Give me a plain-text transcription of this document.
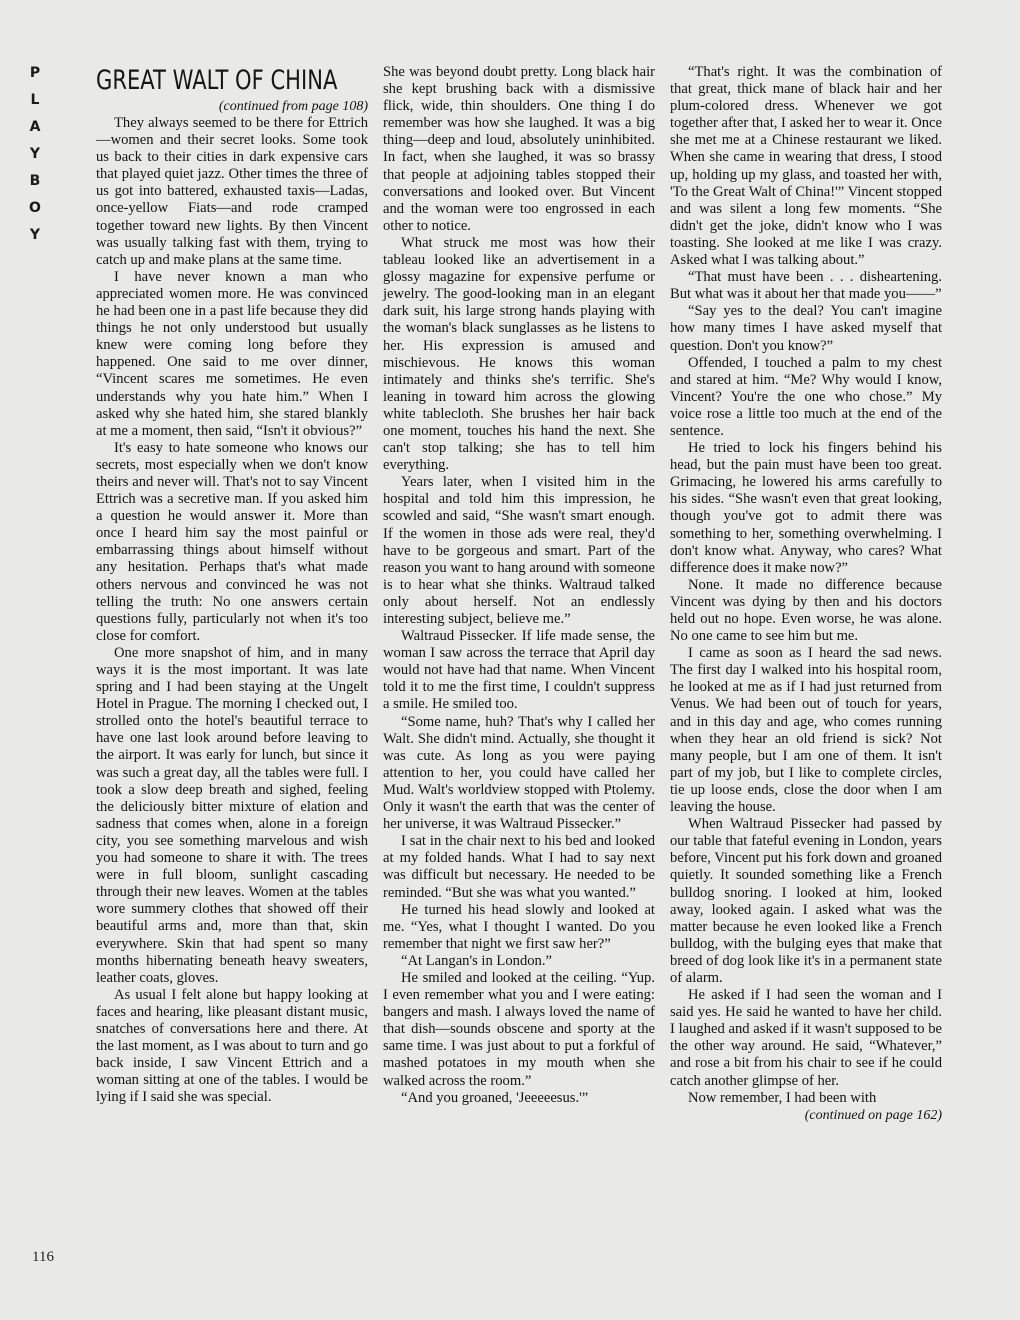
P
L
A
Y
B
O
Y
GREAT WALT OF CHINA

(continued from page 108)

They always seemed to be there for Ettrich—women and their secret looks. Some took us back to their cities in dark expensive cars that played quiet jazz. Other times the three of us got into battered, exhausted taxis—Ladas, once-yellow Fiats—and rode cramped together toward new lights. By then Vincent was usually talking fast with them, trying to catch up and make plans at the same time.

I have never known a man who appreciated women more. He was convinced he had been one in a past life because they did things he not only understood but usually knew were coming long before they happened. One said to me over dinner, “Vincent scares me sometimes. He even understands why you hate him.” When I asked why she hated him, she stared blankly at me a moment, then said, “Isn't it obvious?”

It's easy to hate someone who knows our secrets, most especially when we don't know theirs and never will. That's not to say Vincent Ettrich was a secretive man. If you asked him a question he would answer it. More than once I heard him say the most painful or embarrassing things about himself without any hesitation. Perhaps that's what made others nervous and convinced he was not telling the truth: No one answers certain questions fully, particularly not when it's too close for comfort.

One more snapshot of him, and in many ways it is the most important. It was late spring and I had been staying at the Ungelt Hotel in Prague. The morning I checked out, I strolled onto the hotel's beautiful terrace to have one last look around before leaving to the airport. It was early for lunch, but since it was such a great day, all the tables were full. I took a slow deep breath and sighed, feeling the deliciously bitter mixture of elation and sadness that comes when, alone in a foreign city, you see something marvelous and wish you had someone to share it with. The trees were in full bloom, sunlight cascading through their new leaves. Women at the tables wore summery clothes that showed off their beautiful arms and, more than that, skin everywhere. Skin that had spent so many months hibernating beneath heavy sweaters, leather coats, gloves.

As usual I felt alone but happy looking at faces and hearing, like pleasant distant music, snatches of conversations here and there. At the last moment, as I was about to turn and go back inside, I saw Vincent Ettrich and a woman sitting at one of the tables. I would be lying if I said she was special.

She was beyond doubt pretty. Long black hair she kept brushing back with a dismissive flick, wide, thin shoulders. One thing I do remember was how she laughed. It was a big thing—deep and loud, absolutely uninhibited. In fact, when she laughed, it was so brassy that people at adjoining tables stopped their conversations and looked over. But Vincent and the woman were too engrossed in each other to notice.

What struck me most was how their tableau looked like an advertisement in a glossy magazine for expensive perfume or jewelry. The good-looking man in an elegant dark suit, his large strong hands playing with the woman's black sunglasses as he listens to her. His expression is amused and mischievous. He knows this woman intimately and thinks she's terrific. She's leaning in toward him across the glowing white tablecloth. She brushes her hair back one moment, touches his hand the next. She can't stop talking; she has to tell him everything.

Years later, when I visited him in the hospital and told him this impression, he scowled and said, “She wasn't smart enough. If the women in those ads were real, they'd have to be gorgeous and smart. Part of the reason you want to hang around with someone is to hear what she thinks. Waltraud talked only about herself. Not an endlessly interesting subject, believe me.”

Waltraud Pissecker. If life made sense, the woman I saw across the terrace that April day would not have had that name. When Vincent told it to me the first time, I couldn't suppress a smile. He smiled too.

“Some name, huh? That's why I called her Walt. She didn't mind. Actually, she thought it was cute. As long as you were paying attention to her, you could have called her Mud. Walt's worldview stopped with Ptolemy. Only it wasn't the earth that was the center of her universe, it was Waltraud Pissecker.”

I sat in the chair next to his bed and looked at my folded hands. What I had to say next was difficult but necessary. He needed to be reminded. “But she was what you wanted.”

He turned his head slowly and looked at me. “Yes, what I thought I wanted. Do you remember that night we first saw her?”

“At Langan's in London.”

He smiled and looked at the ceiling. “Yup. I even remember what you and I were eating: bangers and mash. I always loved the name of that dish—sounds obscene and sporty at the same time. I was just about to put a forkful of mashed potatoes in my mouth when she walked across the room.”

“And you groaned, 'Jeeeeesus.'”

“That's right. It was the combination of that great, thick mane of black hair and her plum-colored dress. Whenever we got together after that, I asked her to wear it. Once she met me at a Chinese restaurant we liked. When she came in wearing that dress, I stood up, holding up my glass, and toasted her with, 'To the Great Walt of China!'” Vincent stopped and was silent a long few moments. “She didn't get the joke, didn't know who I was toasting. She looked at me like I was crazy. Asked what I was talking about.”

“That must have been . . . disheartening. But what was it about her that made you——”

“Say yes to the deal? You can't imagine how many times I have asked myself that question. Don't you know?”

Offended, I touched a palm to my chest and stared at him. “Me? Why would I know, Vincent? You're the one who chose.” My voice rose a little too much at the end of the sentence.

He tried to lock his fingers behind his head, but the pain must have been too great. Grimacing, he lowered his arms carefully to his sides. “She wasn't even that great looking, though you've got to admit there was something to her, something overwhelming. I don't know what. Anyway, who cares? What difference does it make now?”

None. It made no difference because Vincent was dying by then and his doctors held out no hope. Even worse, he was alone. No one came to see him but me.

I came as soon as I heard the sad news. The first day I walked into his hospital room, he looked at me as if I had just returned from Venus. We had been out of touch for years, and in this day and age, who comes running when they hear an old friend is sick? Not many people, but I am one of them. It isn't part of my job, but I like to complete circles, tie up loose ends, close the door when I am leaving the house.

When Waltraud Pissecker had passed by our table that fateful evening in London, years before, Vincent put his fork down and groaned quietly. It sounded something like a French bulldog snoring. I looked at him, looked away, looked again. I asked what was the matter because he even looked like a French bulldog, with the bulging eyes that make that breed of dog look like it's in a permanent state of alarm.

He asked if I had seen the woman and I said yes. He said he wanted to have her child. I laughed and asked if it wasn't supposed to be the other way around. He said, “Whatever,” and rose a bit from his chair to see if he could catch another glimpse of her.

Now remember, I had been with

(continued on page 162)

116
